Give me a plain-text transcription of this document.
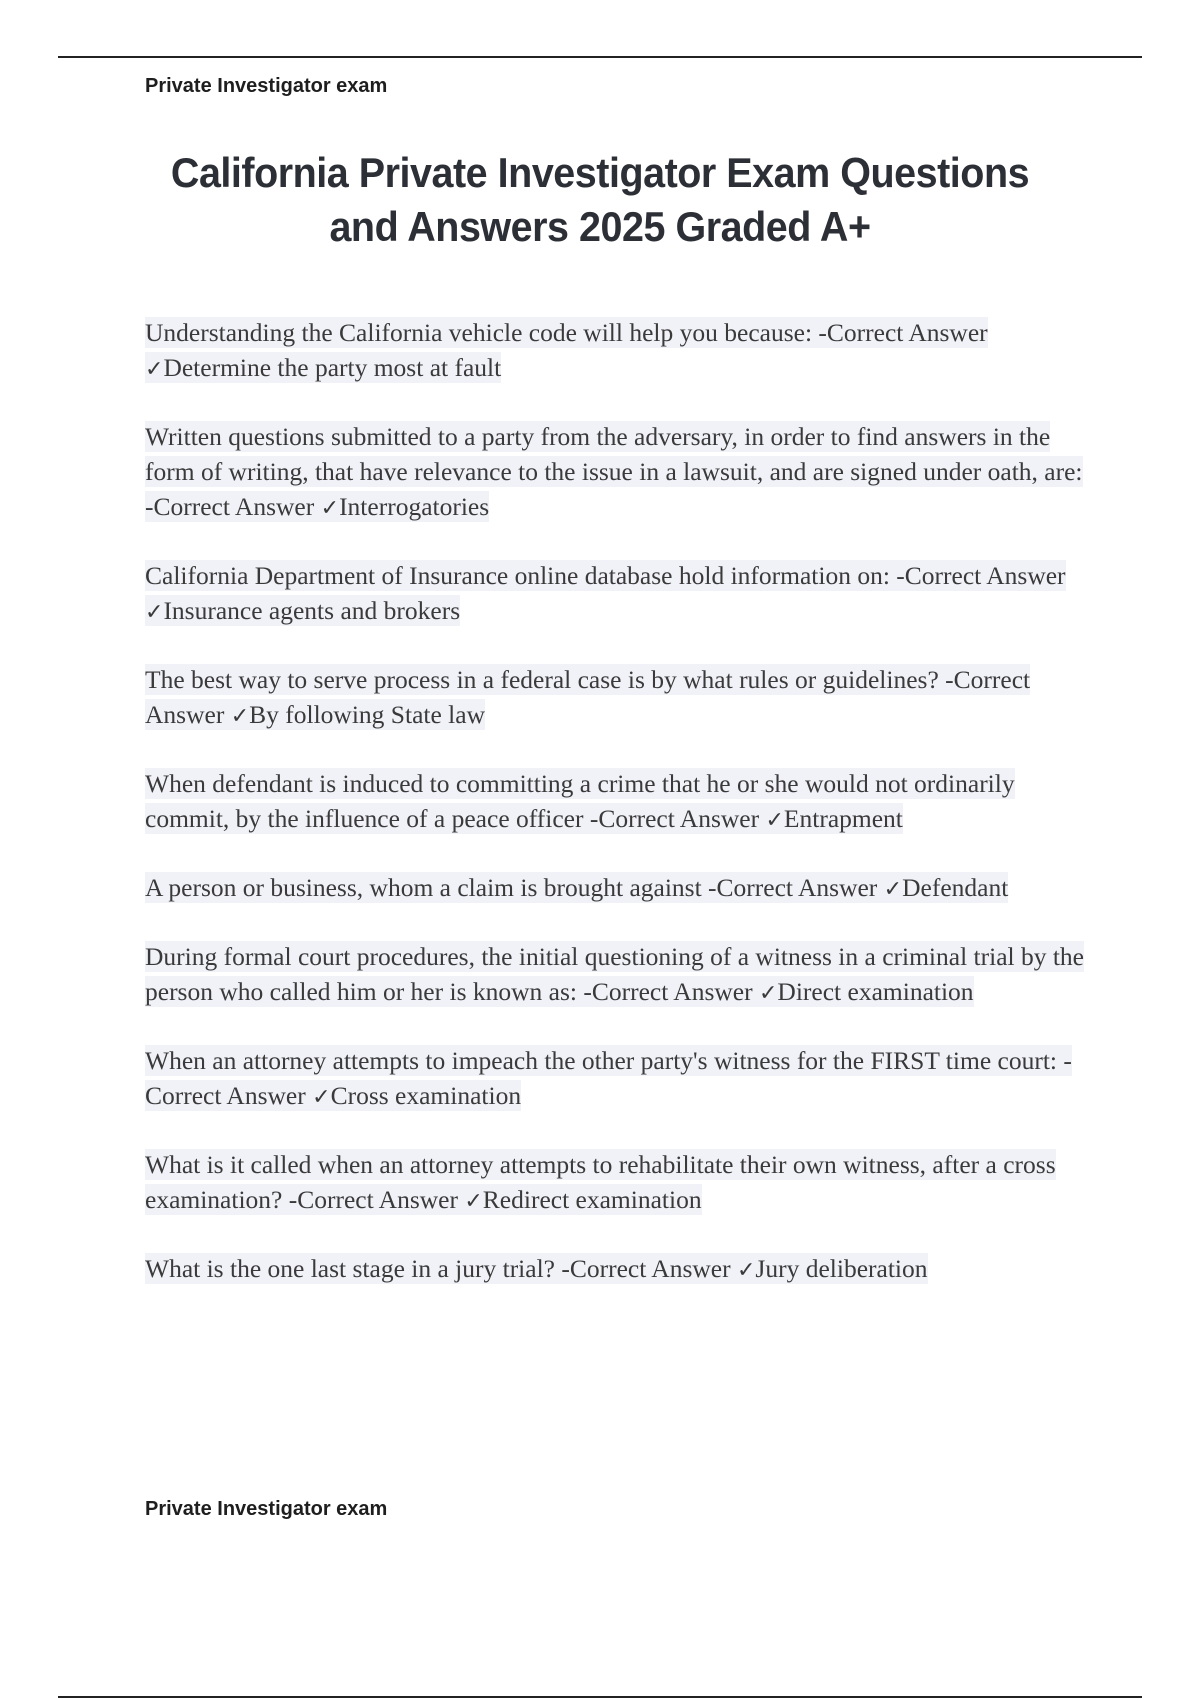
Private Investigator exam
California Private Investigator Exam Questions and Answers 2025 Graded A+

Understanding the California vehicle code will help you because: -Correct Answer ✓Determine the party most at fault

Written questions submitted to a party from the adversary, in order to find answers in the form of writing, that have relevance to the issue in a lawsuit, and are signed under oath, are: -Correct Answer ✓Interrogatories

California Department of Insurance online database hold information on: -Correct Answer ✓Insurance agents and brokers

The best way to serve process in a federal case is by what rules or guidelines? -Correct Answer ✓By following State law

When defendant is induced to committing a crime that he or she would not ordinarily commit, by the influence of a peace officer -Correct Answer ✓Entrapment

A person or business, whom a claim is brought against -Correct Answer ✓Defendant

During formal court procedures, the initial questioning of a witness in a criminal trial by the person who called him or her is known as: -Correct Answer ✓Direct examination

When an attorney attempts to impeach the other party's witness for the FIRST time court: -Correct Answer ✓Cross examination

What is it called when an attorney attempts to rehabilitate their own witness, after a cross examination? -Correct Answer ✓Redirect examination

What is the one last stage in a jury trial? -Correct Answer ✓Jury deliberation

Private Investigator exam
